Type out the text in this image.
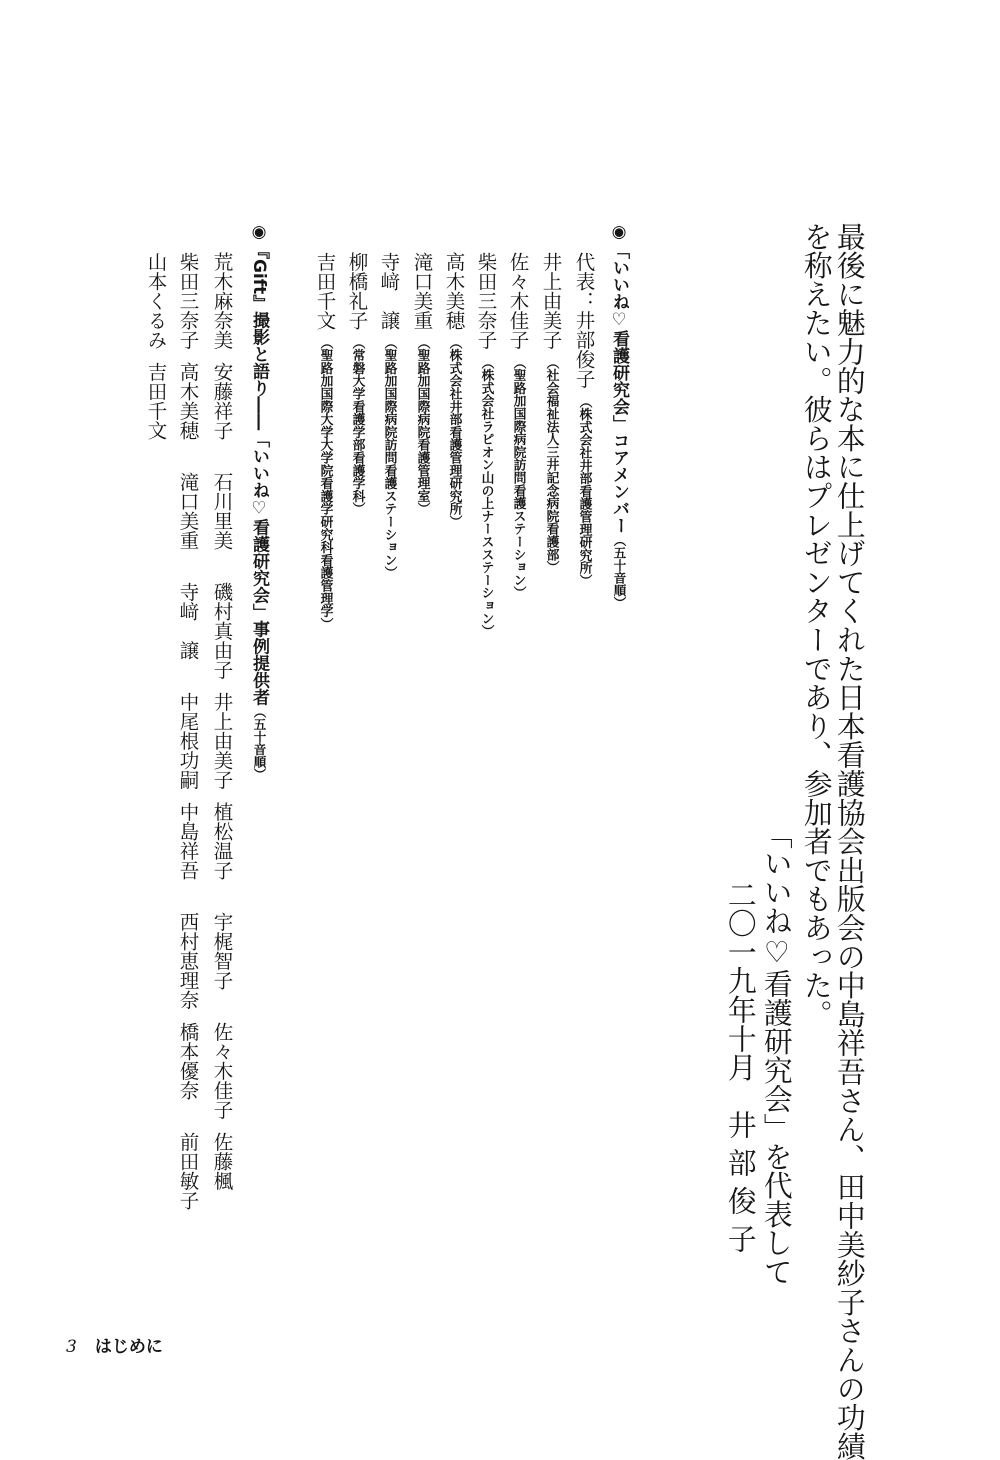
最後に魅力的な本に仕上げてくれた日本看護協会出版会の中島祥吾さん、田中美紗子さんの功績
を称えたい。彼らはプレゼンターであり、参加者でもあった。
「いいね♡看護研究会」を代表して
二〇一九年十月　井 部 俊 子
◉「いいね♡看護研究会」コアメンバー（五十音順）
代表：井部俊子（株式会社井部看護管理研究所）
井上由美子（社会福祉法人三井記念病院看護部）
佐々木佳子（聖路加国際病院訪問看護ステーション）
柴田三奈子（株式会社ラピオン山の上ナースステーション）
高木美穂（株式会社井部看護管理研究所）
滝口美重（聖路加国際病院看護管理室）
寺﨑　譲（聖路加国際病院訪問看護ステーション）
柳橋礼子（常磐大学看護学部看護学科）
吉田千文（聖路加国際大学大学院看護学研究科看護管理学）
◉『Gift』撮影と語り――「いいね♡看護研究会」事例提供者（五十音順）
荒木麻奈美安藤祥子石川里美磯村真由子井上由美子植松温子宇梶智子佐々木佳子佐藤楓
柴田三奈子高木美穂滝口美重寺﨑　譲中尾根功嗣中島祥吾西村恵理奈橋本優奈前田敏子
山本くるみ吉田千文
3 はじめに
